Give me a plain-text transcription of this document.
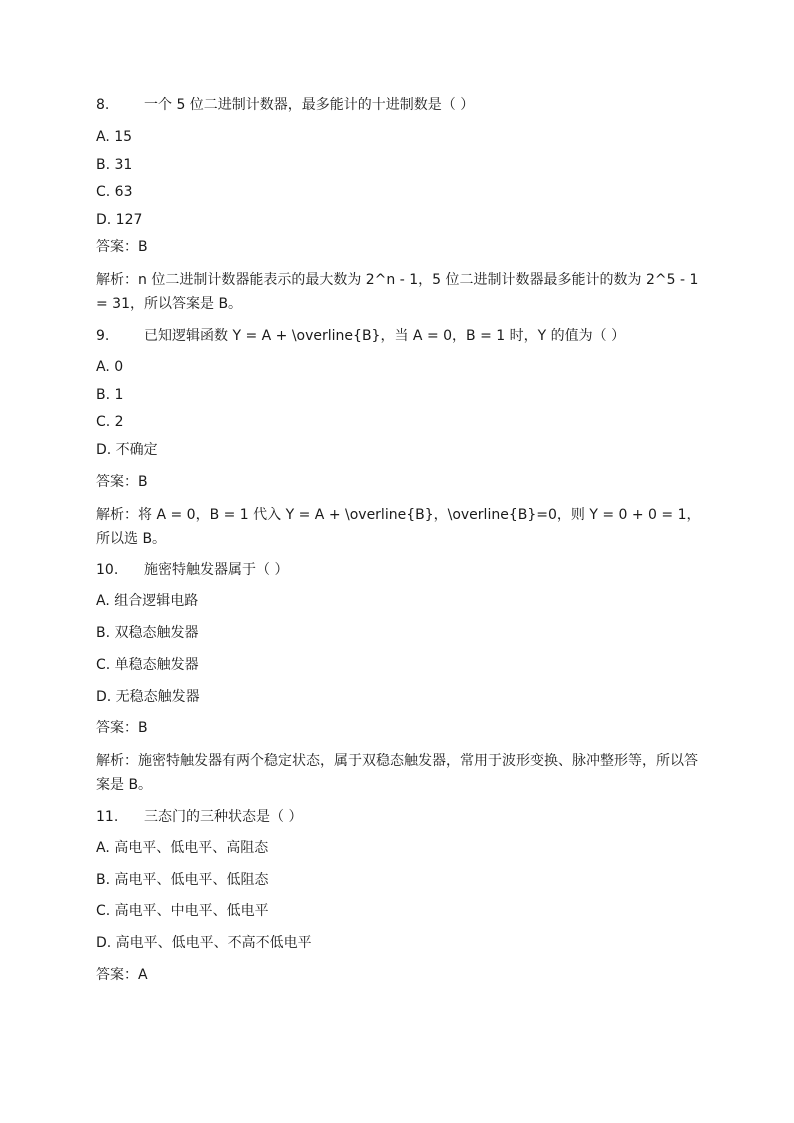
8. 一个 5 位二进制计数器，最多能计的十进制数是（ ）
A. 15
B. 31
C. 63
D. 127
答案：B
解析：n 位二进制计数器能表示的最大数为 2^n - 1，5 位二进制计数器最多能计的数为 2^5 - 1 = 31，所以答案是 B。
9. 已知逻辑函数 Y = A + \overline{B}，当 A = 0，B = 1 时，Y 的值为（ ）
A. 0
B. 1
C. 2
D. 不确定
答案：B
解析：将 A = 0，B = 1 代入 Y = A + \overline{B}，\overline{B}=0，则 Y = 0 + 0 = 1，所以选 B。
10. 施密特触发器属于（ ）
A. 组合逻辑电路
B. 双稳态触发器
C. 单稳态触发器
D. 无稳态触发器
答案：B
解析：施密特触发器有两个稳定状态，属于双稳态触发器，常用于波形变换、脉冲整形等，所以答案是 B。
11. 三态门的三种状态是（ ）
A. 高电平、低电平、高阻态
B. 高电平、低电平、低阻态
C. 高电平、中电平、低电平
D. 高电平、低电平、不高不低电平
答案：A
